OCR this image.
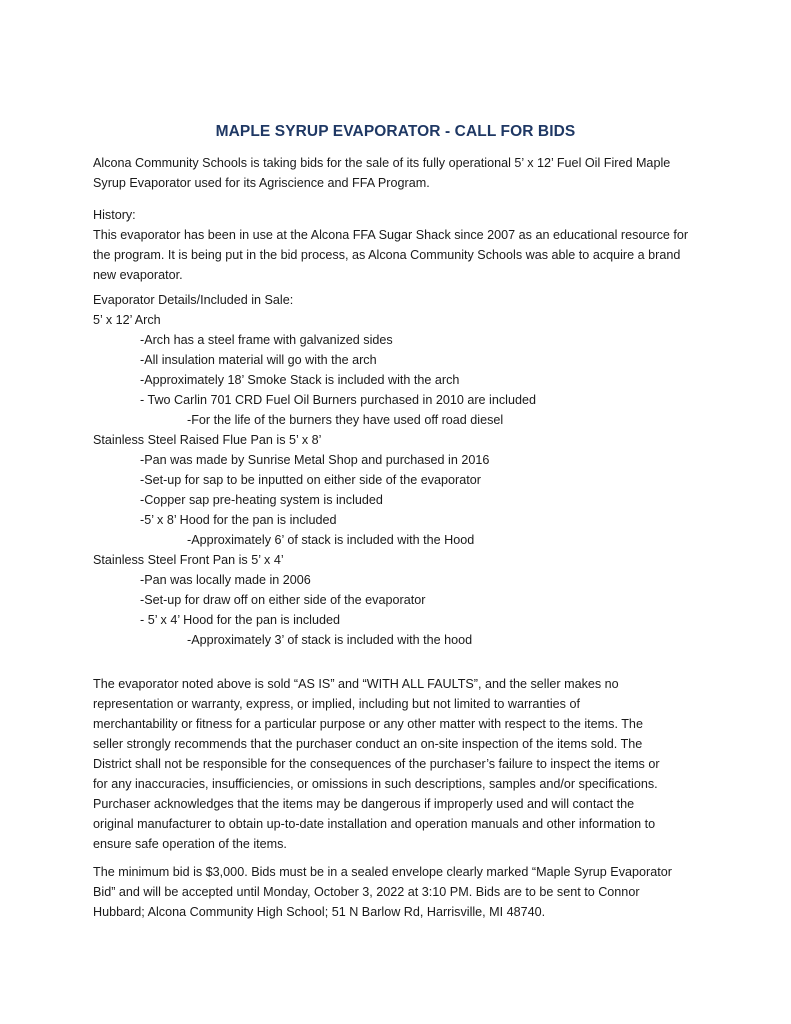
MAPLE SYRUP EVAPORATOR - CALL FOR BIDS

Alcona Community Schools is taking bids for the sale of its fully operational 5’ x 12’ Fuel Oil Fired Maple

Syrup Evaporator used for its Agriscience and FFA Program.

History:

This evaporator has been in use at the Alcona FFA Sugar Shack since 2007 as an educational resource for

the program. It is being put in the bid process, as Alcona Community Schools was able to acquire a brand

new evaporator.

Evaporator Details/Included in Sale:

5’ x 12’ Arch

-Arch has a steel frame with galvanized sides

-All insulation material will go with the arch

-Approximately 18’ Smoke Stack is included with the arch

- Two Carlin 701 CRD Fuel Oil Burners purchased in 2010 are included

-For the life of the burners they have used off road diesel

Stainless Steel Raised Flue Pan is 5’ x 8’

-Pan was made by Sunrise Metal Shop and purchased in 2016

-Set-up for sap to be inputted on either side of the evaporator

-Copper sap pre-heating system is included

-5’ x 8’ Hood for the pan is included

-Approximately 6’ of stack is included with the Hood

Stainless Steel Front Pan is 5’ x 4’

-Pan was locally made in 2006

-Set-up for draw off on either side of the evaporator

- 5’ x 4’ Hood for the pan is included

-Approximately 3’ of stack is included with the hood

The evaporator noted above is sold “AS IS” and “WITH ALL FAULTS”, and the seller makes no

representation or warranty, express, or implied, including but not limited to warranties of

merchantability or fitness for a particular purpose or any other matter with respect to the items. The

seller strongly recommends that the purchaser conduct an on-site inspection of the items sold. The

District shall not be responsible for the consequences of the purchaser’s failure to inspect the items or

for any inaccuracies, insufficiencies, or omissions in such descriptions, samples and/or specifications.

Purchaser acknowledges that the items may be dangerous if improperly used and will contact the

original manufacturer to obtain up-to-date installation and operation manuals and other information to

ensure safe operation of the items.

The minimum bid is $3,000. Bids must be in a sealed envelope clearly marked “Maple Syrup Evaporator

Bid” and will be accepted until Monday, October 3, 2022 at 3:10 PM. Bids are to be sent to Connor

Hubbard; Alcona Community High School; 51 N Barlow Rd, Harrisville, MI 48740.
